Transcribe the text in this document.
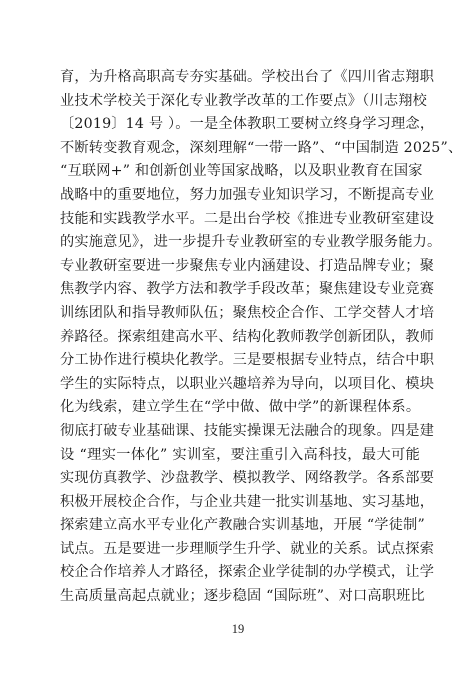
育，为升格高职高专夯实基础。学校出台了《四川省志翔职
业技术学校关于深化专业教学改革的工作要点》（川志翔校
〔2019〕14 号 ）。一是全体教职工要树立终身学习理念，
不断转变教育观念，深刻理解“一带一路”、“中国制造 2025”、
“互联网+” 和创新创业等国家战略，以及职业教育在国家
战略中的重要地位，努力加强专业知识学习，不断提高专业
技能和实践教学水平。二是出台学校《推进专业教研室建设
的实施意见》，进一步提升专业教研室的专业教学服务能力。
专业教研室要进一步聚焦专业内涵建设、打造品牌专业；聚
焦教学内容、教学方法和教学手段改革；聚焦建设专业竞赛
训练团队和指导教师队伍；聚焦校企合作、工学交替人才培
养路径。探索组建高水平、结构化教师教学创新团队，教师
分工协作进行模块化教学。三是要根据专业特点，结合中职
学生的实际特点，以职业兴趣培养为导向，以项目化、模块
化为线索，建立学生在“学中做、做中学”的新课程体系。
彻底打破专业基础课、技能实操课无法融合的现象。四是建
设 “理实一体化” 实训室，要注重引入高科技，最大可能
实现仿真教学、沙盘教学、模拟教学、网络教学。各系部要
积极开展校企合作，与企业共建一批实训基地、实习基地，
探索建立高水平专业化产教融合实训基地，开展 “学徒制”
试点。五是要进一步理顺学生升学、就业的关系。试点探索
校企合作培养人才路径，探索企业学徒制的办学模式，让学
生高质量高起点就业；逐步稳固 “国际班”、对口高职班比
19
